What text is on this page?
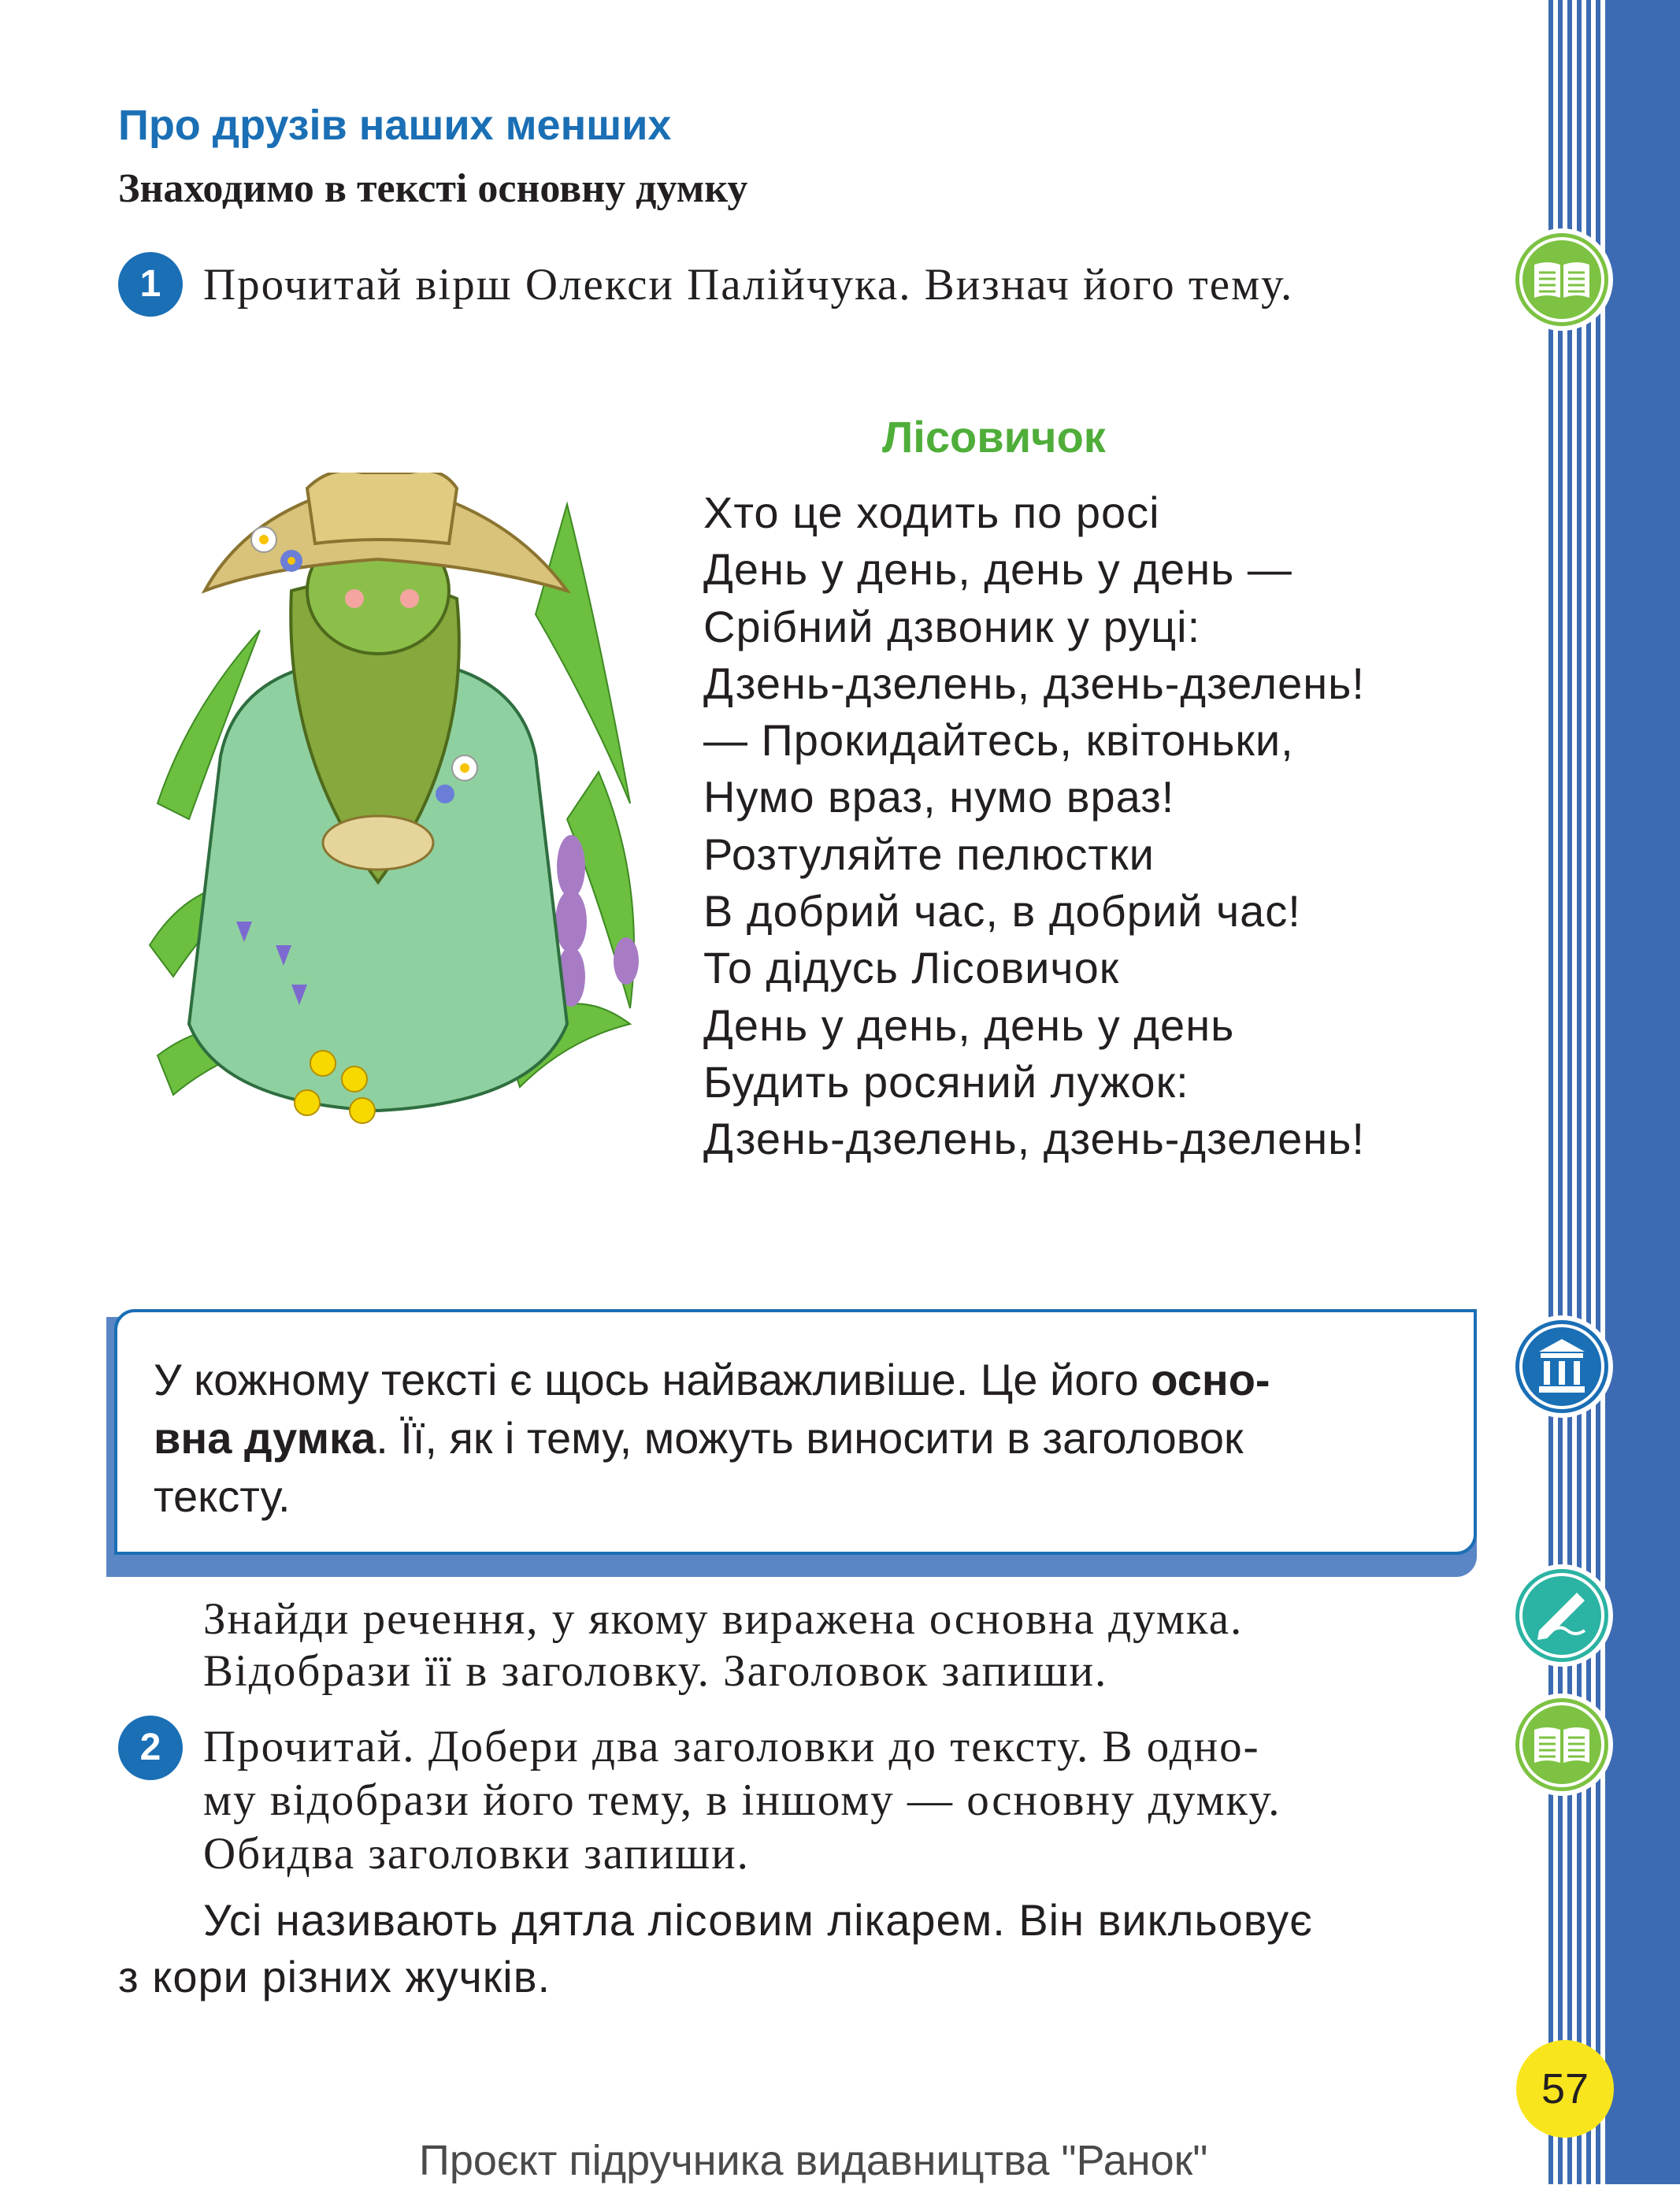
Про друзів наших менших
Знаходимо в тексті основну думку
1 Прочитай вірш Олекси Палійчука. Визнач його тему.
Лісовичок
Хто це ходить по росі
День у день, день у день —
Срібний дзвоник у руці:
Дзень-дзелень, дзень-дзелень!
— Прокидайтесь, квітоньки,
Нумо враз, нумо враз!
Розтуляйте пелюстки
В добрий час, в добрий час!
То дідусь Лісовичок
День у день, день у день
Будить росяний лужок:
Дзень-дзелень, дзень-дзелень!
У кожному тексті є щось найважливіше. Це його осно-
вна думка. Її, як і тему, можуть виносити в заголовок
тексту.
Знайди речення, у якому виражена основна думка.
Відобрази її в заголовку. Заголовок запиши.
2 Прочитай. Добери два заголовки до тексту. В одно-
му відобрази його тему, в іншому — основну думку.
Обидва заголовки запиши.
Усі називають дятла лісовим лікарем. Він викльовує
з кори різних жучків.
57
Проєкт підручника видавництва "Ранок"
